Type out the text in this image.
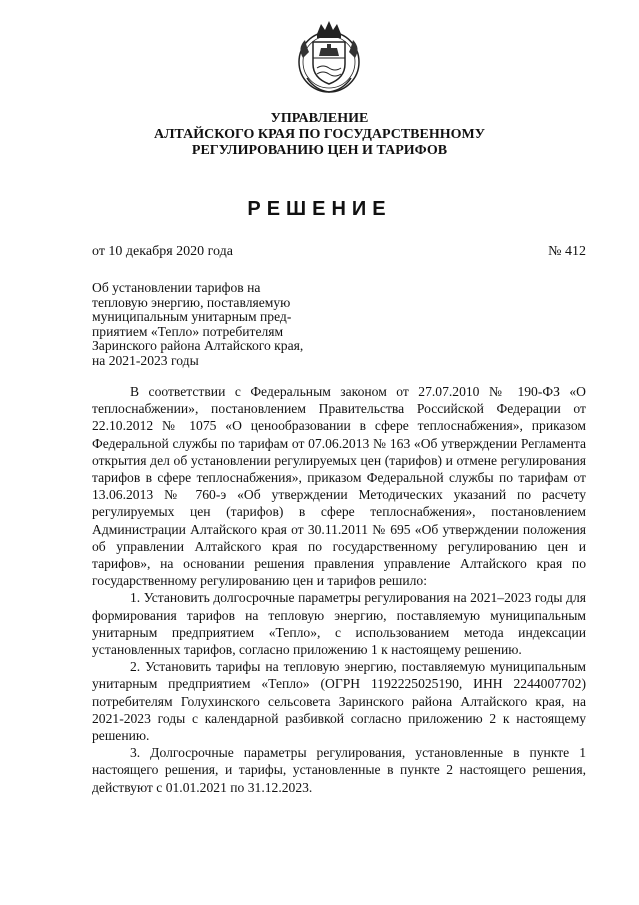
УПРАВЛЕНИЕ
АЛТАЙСКОГО КРАЯ ПО ГОСУДАРСТВЕННОМУ
РЕГУЛИРОВАНИЮ ЦЕН И ТАРИФОВ
РЕШЕНИЕ
от 10 декабря 2020 года	№ 412
Об установлении тарифов на
тепловую энергию, поставляемую
муниципальным унитарным пред-
приятием «Тепло» потребителям
Заринского района Алтайского края,
на 2021-2023 годы

В соответствии с Федеральным законом от 27.07.2010 № 190-ФЗ «О теплоснабжении», постановлением Правительства Российской Федерации от 22.10.2012 № 1075 «О ценообразовании в сфере теплоснабжения», приказом Федеральной службы по тарифам от 07.06.2013 № 163 «Об утверждении Регламента открытия дел об установлении регулируемых цен (тарифов) и отмене регулирования тарифов в сфере теплоснабжения», приказом Федеральной службы по тарифам от 13.06.2013 № 760-э «Об утверждении Методических указаний по расчету регулируемых цен (тарифов) в сфере теплоснабжения», постановлением Администрации Алтайского края от 30.11.2011 № 695 «Об утверждении положения об управлении Алтайского края по государственному регулированию цен и тарифов», на основании решения правления управление Алтайского края по государственному регулированию цен и тарифов решило:

1. Установить долгосрочные параметры регулирования на 2021–2023 годы для формирования тарифов на тепловую энергию, поставляемую муниципальным унитарным предприятием «Тепло», с использованием метода индексации установленных тарифов, согласно приложению 1 к настоящему решению.

2. Установить тарифы на тепловую энергию, поставляемую муниципальным унитарным предприятием «Тепло» (ОГРН 1192225025190, ИНН 2244007702) потребителям Голухинского сельсовета Заринского района Алтайского края, на 2021-2023 годы с календарной разбивкой согласно приложению 2 к настоящему решению.

3. Долгосрочные параметры регулирования, установленные в пункте 1 настоящего решения, и тарифы, установленные в пункте 2 настоящего решения, действуют с 01.01.2021 по 31.12.2023.
